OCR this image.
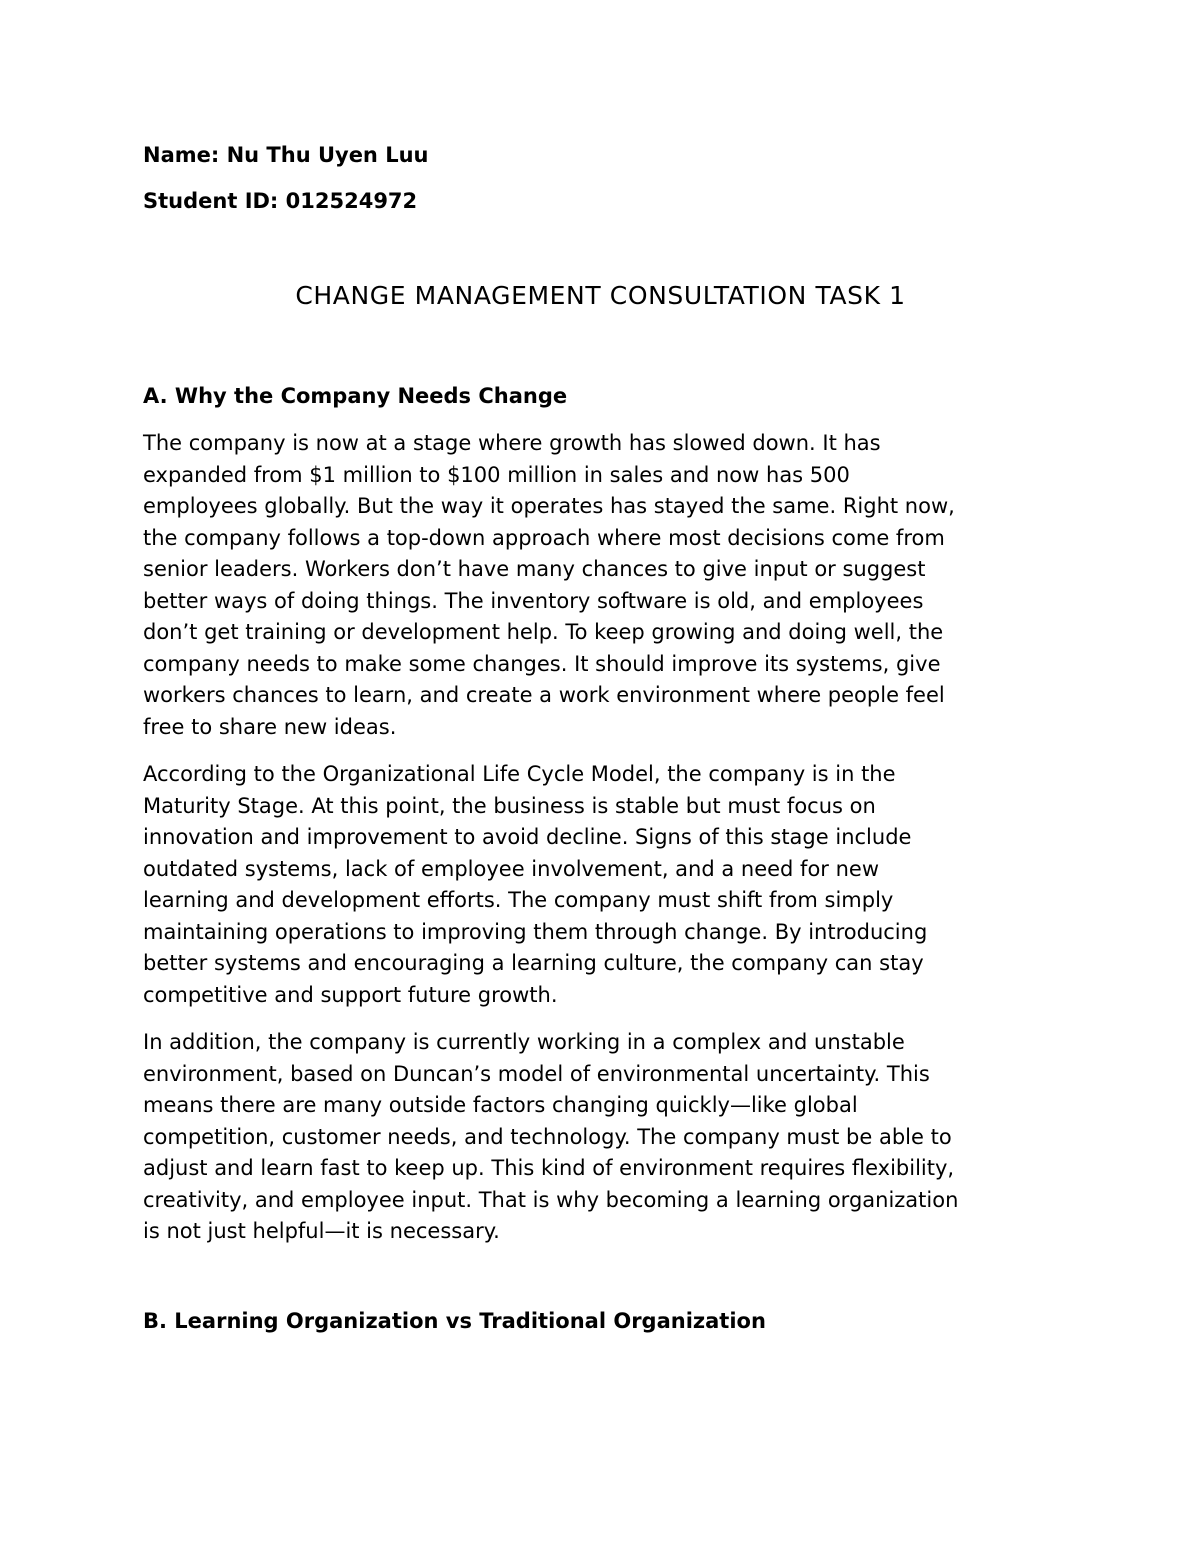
Name: Nu Thu Uyen Luu

Student ID: 012524972

CHANGE MANAGEMENT CONSULTATION TASK 1
A. Why the Company Needs Change

The company is now at a stage where growth has slowed down. It has
expanded from $1 million to $100 million in sales and now has 500
employees globally. But the way it operates has stayed the same. Right now,
the company follows a top-down approach where most decisions come from
senior leaders. Workers don’t have many chances to give input or suggest
better ways of doing things. The inventory software is old, and employees
don’t get training or development help. To keep growing and doing well, the
company needs to make some changes. It should improve its systems, give
workers chances to learn, and create a work environment where people feel
free to share new ideas.

According to the Organizational Life Cycle Model, the company is in the
Maturity Stage. At this point, the business is stable but must focus on
innovation and improvement to avoid decline. Signs of this stage include
outdated systems, lack of employee involvement, and a need for new
learning and development efforts. The company must shift from simply
maintaining operations to improving them through change. By introducing
better systems and encouraging a learning culture, the company can stay
competitive and support future growth.

In addition, the company is currently working in a complex and unstable
environment, based on Duncan’s model of environmental uncertainty. This
means there are many outside factors changing quickly—like global
competition, customer needs, and technology. The company must be able to
adjust and learn fast to keep up. This kind of environment requires flexibility,
creativity, and employee input. That is why becoming a learning organization
is not just helpful—it is necessary.

B. Learning Organization vs Traditional Organization
